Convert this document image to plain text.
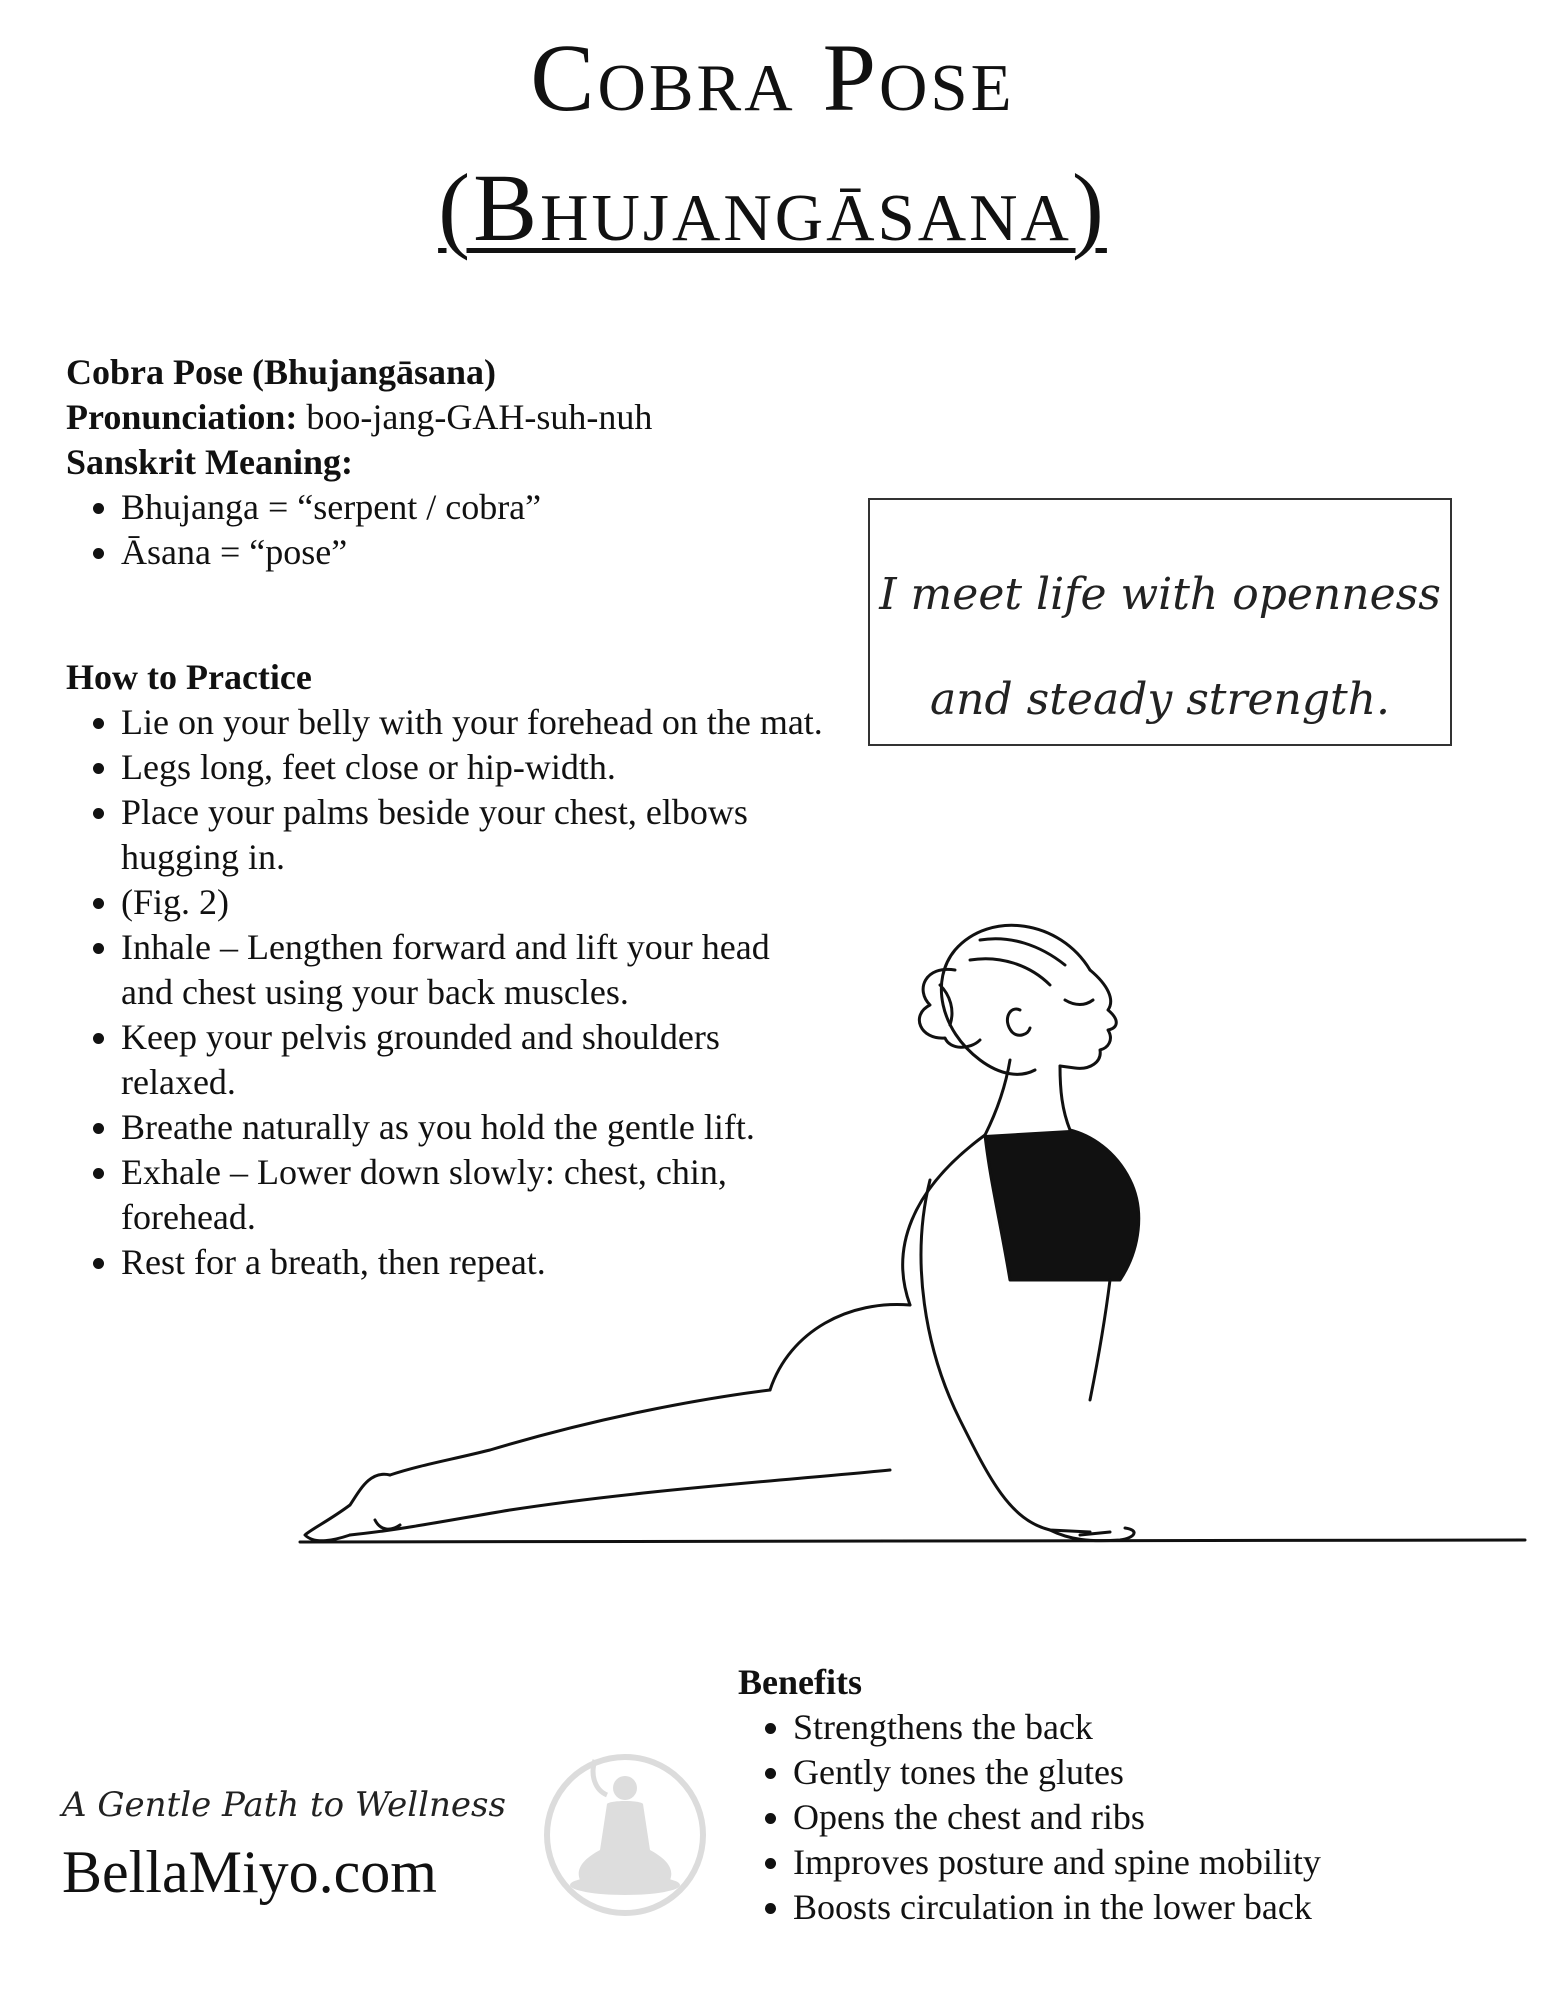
Cobra Pose
(Bhujangāsana)
Cobra Pose (Bhujangāsana)
Pronunciation: boo-jang-GAH-suh-nuh
Sanskrit Meaning:
• Bhujanga = “serpent / cobra”
• Āsana = “pose”
I meet life with openness
and steady strength.
How to Practice
• Lie on your belly with your forehead on the mat.
• Legs long, feet close or hip-width.
• Place your palms beside your chest, elbows hugging in.
• (Fig. 2)
• Inhale – Lengthen forward and lift your head and chest using your back muscles.
• Keep your pelvis grounded and shoulders relaxed.
• Breathe naturally as you hold the gentle lift.
• Exhale – Lower down slowly: chest, chin, forehead.
• Rest for a breath, then repeat.
Benefits
• Strengthens the back
• Gently tones the glutes
• Opens the chest and ribs
• Improves posture and spine mobility
• Boosts circulation in the lower back
A Gentle Path to Wellness
BellaMiyo.com
